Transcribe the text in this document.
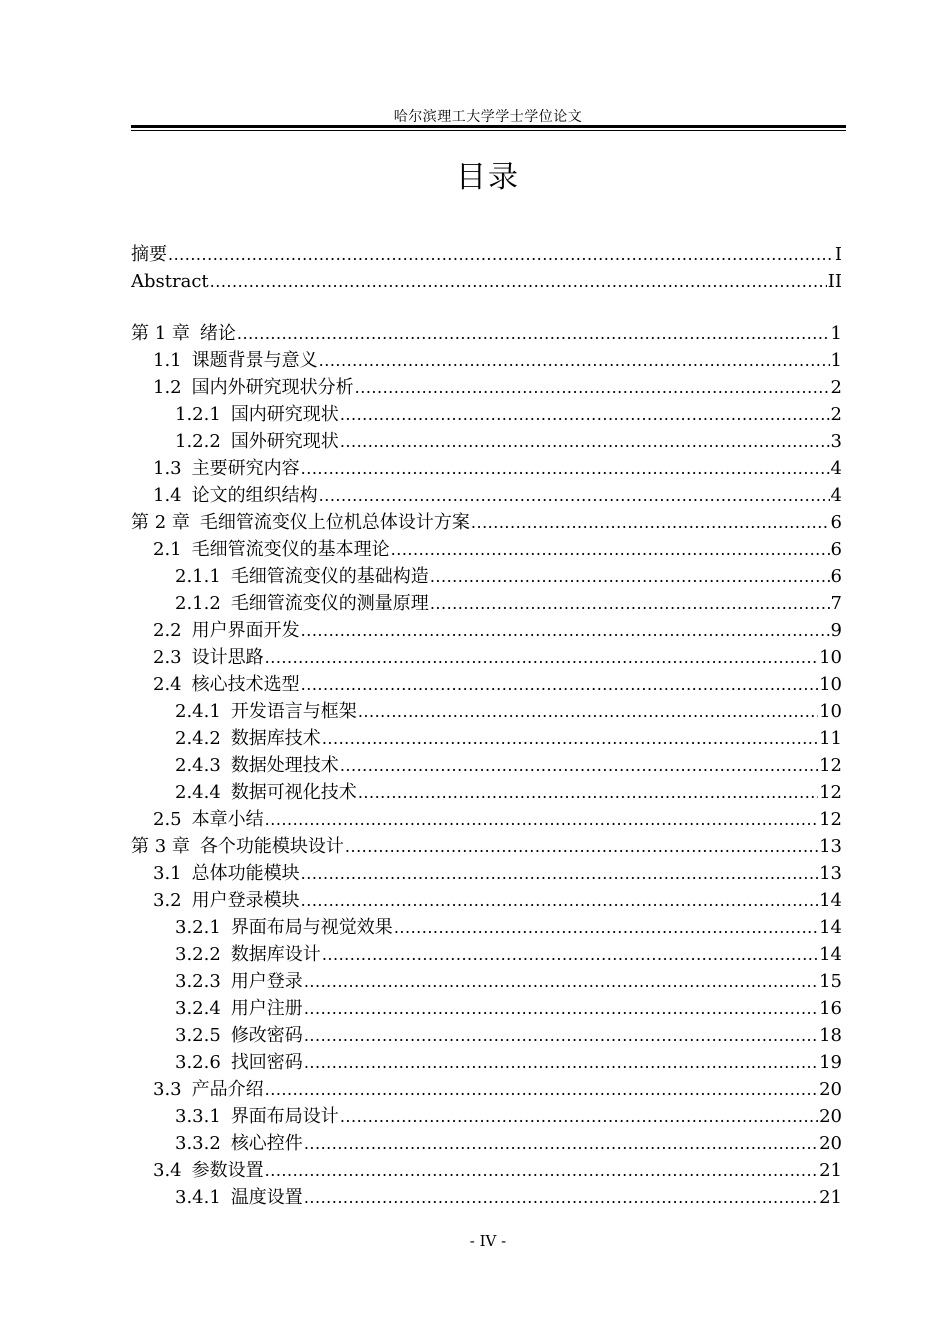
哈尔滨理工大学学士学位论文
目录
摘要 .....	I
Abstract .....	II
第 1 章 绪论 .....	1
1.1 课题背景与意义 .....	1
1.2 国内外研究现状分析 .....	2
1.2.1 国内研究现状 .....	2
1.2.2 国外研究现状 .....	3
1.3 主要研究内容 .....	4
1.4 论文的组织结构 .....	4
第 2 章 毛细管流变仪上位机总体设计方案 .....	6
2.1 毛细管流变仪的基本理论 .....	6
2.1.1 毛细管流变仪的基础构造 .....	6
2.1.2 毛细管流变仪的测量原理 .....	7
2.2 用户界面开发 .....	9
2.3 设计思路 .....	10
2.4 核心技术选型 .....	10
2.4.1 开发语言与框架 .....	10
2.4.2 数据库技术 .....	11
2.4.3 数据处理技术 .....	12
2.4.4 数据可视化技术 .....	12
2.5 本章小结 .....	12
第 3 章 各个功能模块设计 .....	13
3.1 总体功能模块 .....	13
3.2 用户登录模块 .....	14
3.2.1 界面布局与视觉效果 .....	14
3.2.2 数据库设计 .....	14
3.2.3 用户登录 .....	15
3.2.4 用户注册 .....	16
3.2.5 修改密码 .....	18
3.2.6 找回密码 .....	19
3.3 产品介绍 .....	20
3.3.1 界面布局设计 .....	20
3.3.2 核心控件 .....	20
3.4 参数设置 .....	21
3.4.1 温度设置 .....	21
- IV -
